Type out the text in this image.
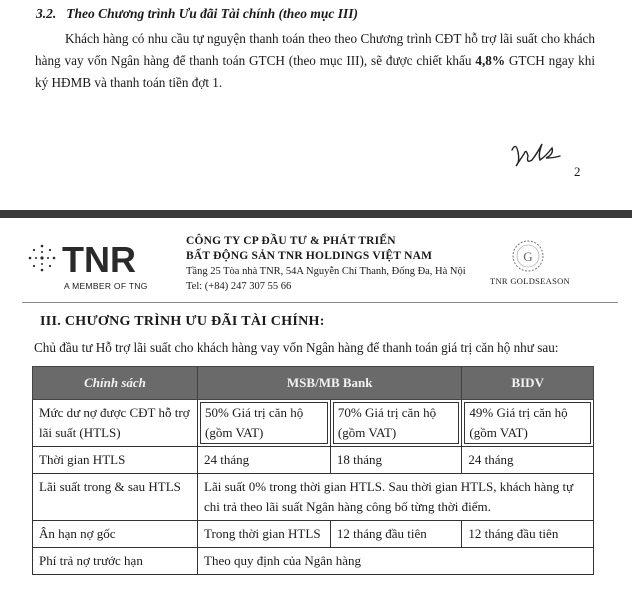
3.2. Theo Chương trình Ưu đãi Tài chính (theo mục III)
Khách hàng có nhu cầu tự nguyện thanh toán theo theo Chương trình CĐT hỗ trợ lãi suất cho khách hàng vay vốn Ngân hàng để thanh toán GTCH (theo mục III), sẽ được chiết khấu 4,8% GTCH ngay khi ký HĐMB và thanh toán tiền đợt 1.
2
TNR
A MEMBER OF TNG
CÔNG TY CP ĐẦU TƯ & PHÁT TRIỂN
BẤT ĐỘNG SẢN TNR HOLDINGS VIỆT NAM
Tầng 25 Tòa nhà TNR, 54A Nguyễn Chí Thanh, Đống Đa, Hà Nội
Tel: (+84) 247 307 55 66
G
TNR GOLDSEASON
III. CHƯƠNG TRÌNH ƯU ĐÃI TÀI CHÍNH:
Chủ đầu tư Hỗ trợ lãi suất cho khách hàng vay vốn Ngân hàng để thanh toán giá trị căn hộ như sau:
Chính sách	MSB/MB Bank		BIDV
Mức dư nợ được CĐT hỗ trợ lãi suất (HTLS)	50% Giá trị căn hộ (gồm VAT)	70% Giá trị căn hộ (gồm VAT)	49% Giá trị căn hộ (gồm VAT)

Thời gian HTLS	24 tháng	18 tháng	24 tháng
Lãi suất trong & sau HTLS	Lãi suất 0% trong thời gian HTLS. Sau thời gian HTLS, khách hàng tự chi trả theo lãi suất Ngân hàng công bố từng thời điểm.		
Ân hạn nợ gốc	Trong thời gian HTLS	12 tháng đầu tiên	12 tháng đầu tiên
Phí trả nợ trước hạn	Theo quy định của Ngân hàng		
